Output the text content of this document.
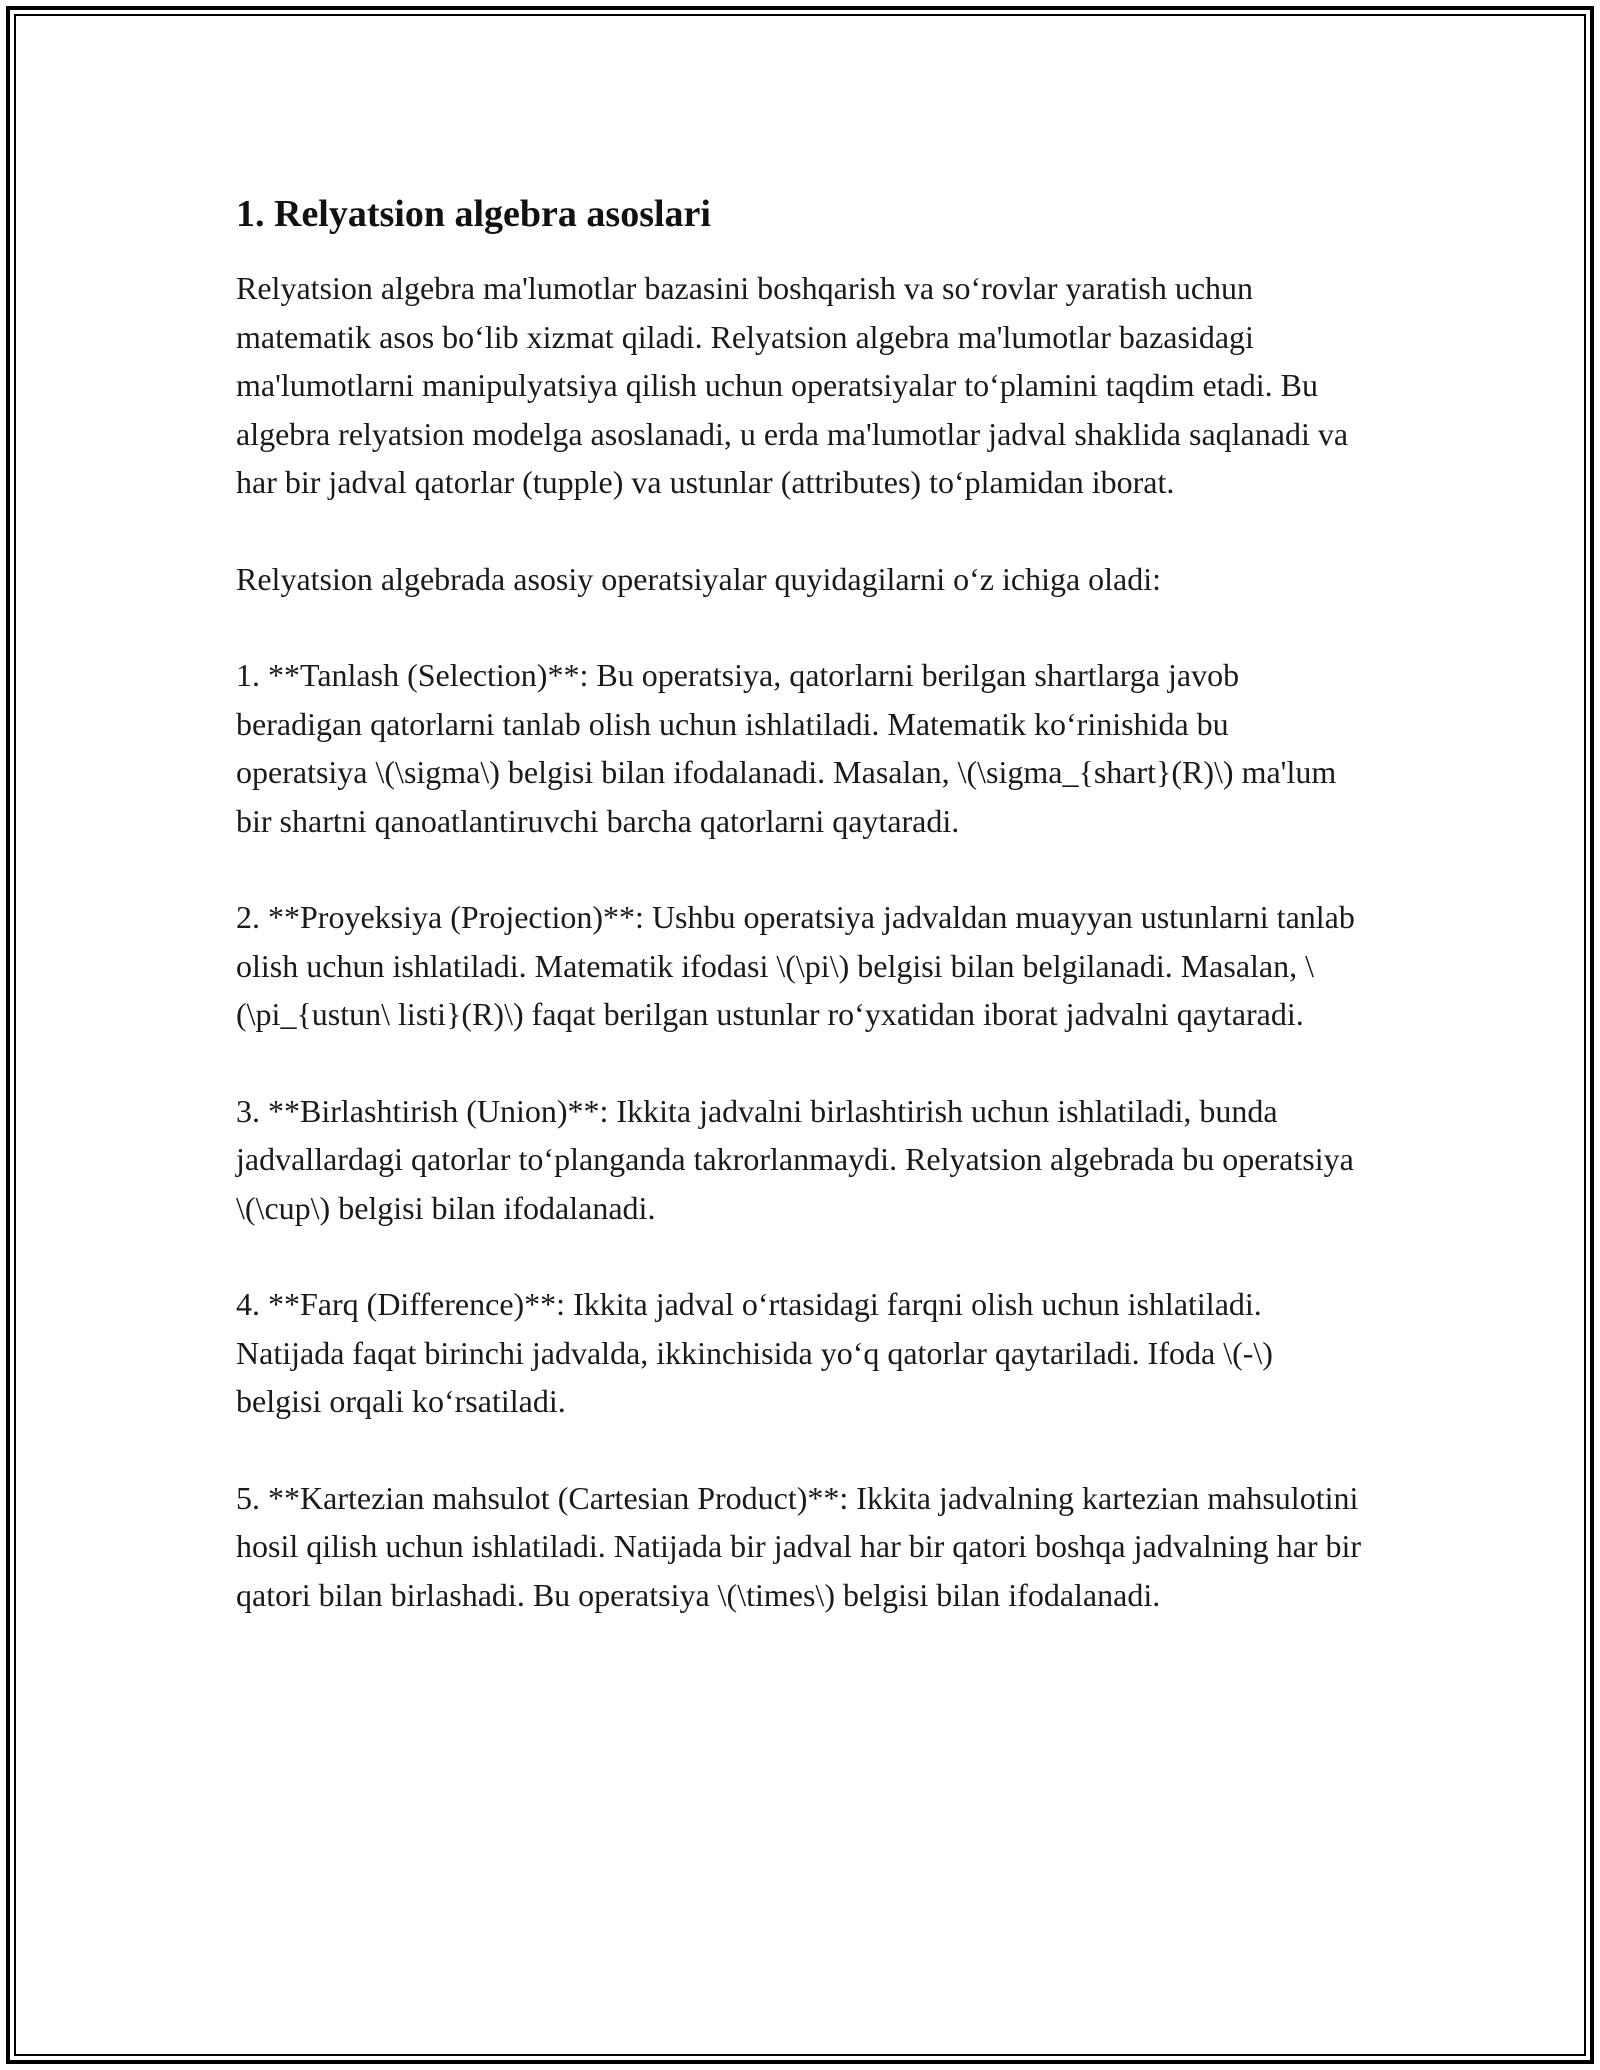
1. Relyatsion algebra asoslari

Relyatsion algebra ma'lumotlar bazasini boshqarish va so‘rovlar yaratish uchun matematik asos bo‘lib xizmat qiladi. Relyatsion algebra ma'lumotlar bazasidagi ma'lumotlarni manipulyatsiya qilish uchun operatsiyalar to‘plamini taqdim etadi. Bu algebra relyatsion modelga asoslanadi, u erda ma'lumotlar jadval shaklida saqlanadi va har bir jadval qatorlar (tupple) va ustunlar (attributes) to‘plamidan iborat.

Relyatsion algebrada asosiy operatsiyalar quyidagilarni o‘z ichiga oladi:

1. **Tanlash (Selection)**: Bu operatsiya, qatorlarni berilgan shartlarga javob beradigan qatorlarni tanlab olish uchun ishlatiladi. Matematik ko‘rinishida bu operatsiya \(\sigma\) belgisi bilan ifodalanadi. Masalan, \(\sigma_{shart}(R)\) ma'lum bir shartni qanoatlantiruvchi barcha qatorlarni qaytaradi.

2. **Proyeksiya (Projection)**: Ushbu operatsiya jadvaldan muayyan ustunlarni tanlab olish uchun ishlatiladi. Matematik ifodasi \(\pi\) belgisi bilan belgilanadi. Masalan, \(\pi_{ustun\ listi}(R)\) faqat berilgan ustunlar ro‘yxatidan iborat jadvalni qaytaradi.

3. **Birlashtirish (Union)**: Ikkita jadvalni birlashtirish uchun ishlatiladi, bunda jadvallardagi qatorlar to‘planganda takrorlanmaydi. Relyatsion algebrada bu operatsiya \(\cup\) belgisi bilan ifodalanadi.

4. **Farq (Difference)**: Ikkita jadval o‘rtasidagi farqni olish uchun ishlatiladi. Natijada faqat birinchi jadvalda, ikkinchisida yo‘q qatorlar qaytariladi. Ifoda \(-\) belgisi orqali ko‘rsatiladi.

5. **Kartezian mahsulot (Cartesian Product)**: Ikkita jadvalning kartezian mahsulotini hosil qilish uchun ishlatiladi. Natijada bir jadval har bir qatori boshqa jadvalning har bir qatori bilan birlashadi. Bu operatsiya \(\times\) belgisi bilan ifodalanadi.
